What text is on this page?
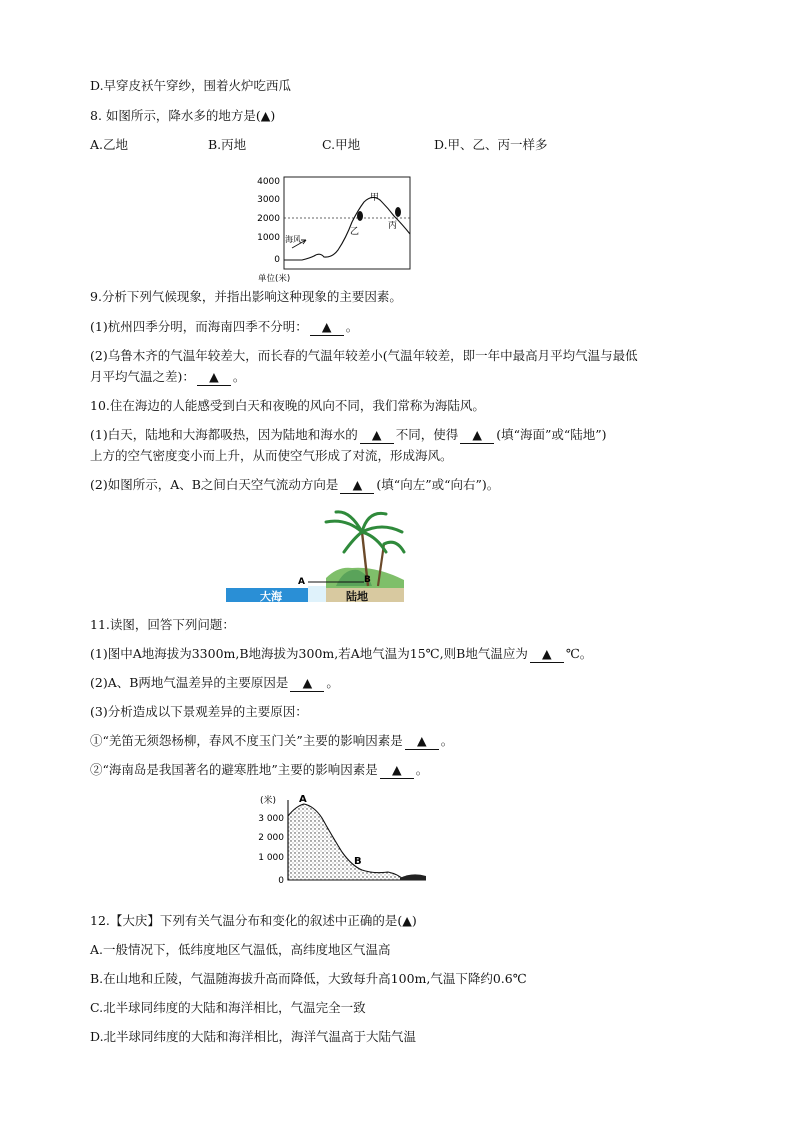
D.早穿皮袄午穿纱，围着火炉吃西瓜
8. 如图所示，降水多的地方是(▲)
A.乙地	B.丙地	C.甲地	D.甲、乙、丙一样多
4000
3000
2000
1000
0
海风
甲
乙
丙
单位(米)
9.分析下列气候现象，并指出影响这种现象的主要因素。
(1)杭州四季分明，而海南四季不分明： ▲ 。
(2)乌鲁木齐的气温年较差大，而长春的气温年较差小(气温年较差，即一年中最高月平均气温与最低
月平均气温之差)： ▲ 。
10.住在海边的人能感受到白天和夜晚的风向不同，我们常称为海陆风。
(1)白天，陆地和大海都吸热，因为陆地和海水的 ▲ 不同，使得 ▲ (填“海面”或“陆地”)
上方的空气密度变小而上升，从而使空气形成了对流，形成海风。
(2)如图所示，A、B之间白天空气流动方向是 ▲ (填“向左”或“向右”)。
A	B
大海	陆地
11.读图，回答下列问题：
(1)图中A地海拔为3300m,B地海拔为300m,若A地气温为15℃,则B地气温应为 ▲ ℃。
(2)A、B两地气温差异的主要原因是 ▲ 。
(3)分析造成以下景观差异的主要原因：
①“羌笛无须怨杨柳，春风不度玉门关”主要的影响因素是 ▲ 。
②“海南岛是我国著名的避寒胜地”主要的影响因素是 ▲ 。
(米)
3 000
2 000
1 000
0
A
B
12.【大庆】下列有关气温分布和变化的叙述中正确的是(▲)
A.一般情况下，低纬度地区气温低，高纬度地区气温高
B.在山地和丘陵，气温随海拔升高而降低，大致每升高100m,气温下降约0.6℃
C.北半球同纬度的大陆和海洋相比，气温完全一致
D.北半球同纬度的大陆和海洋相比，海洋气温高于大陆气温
